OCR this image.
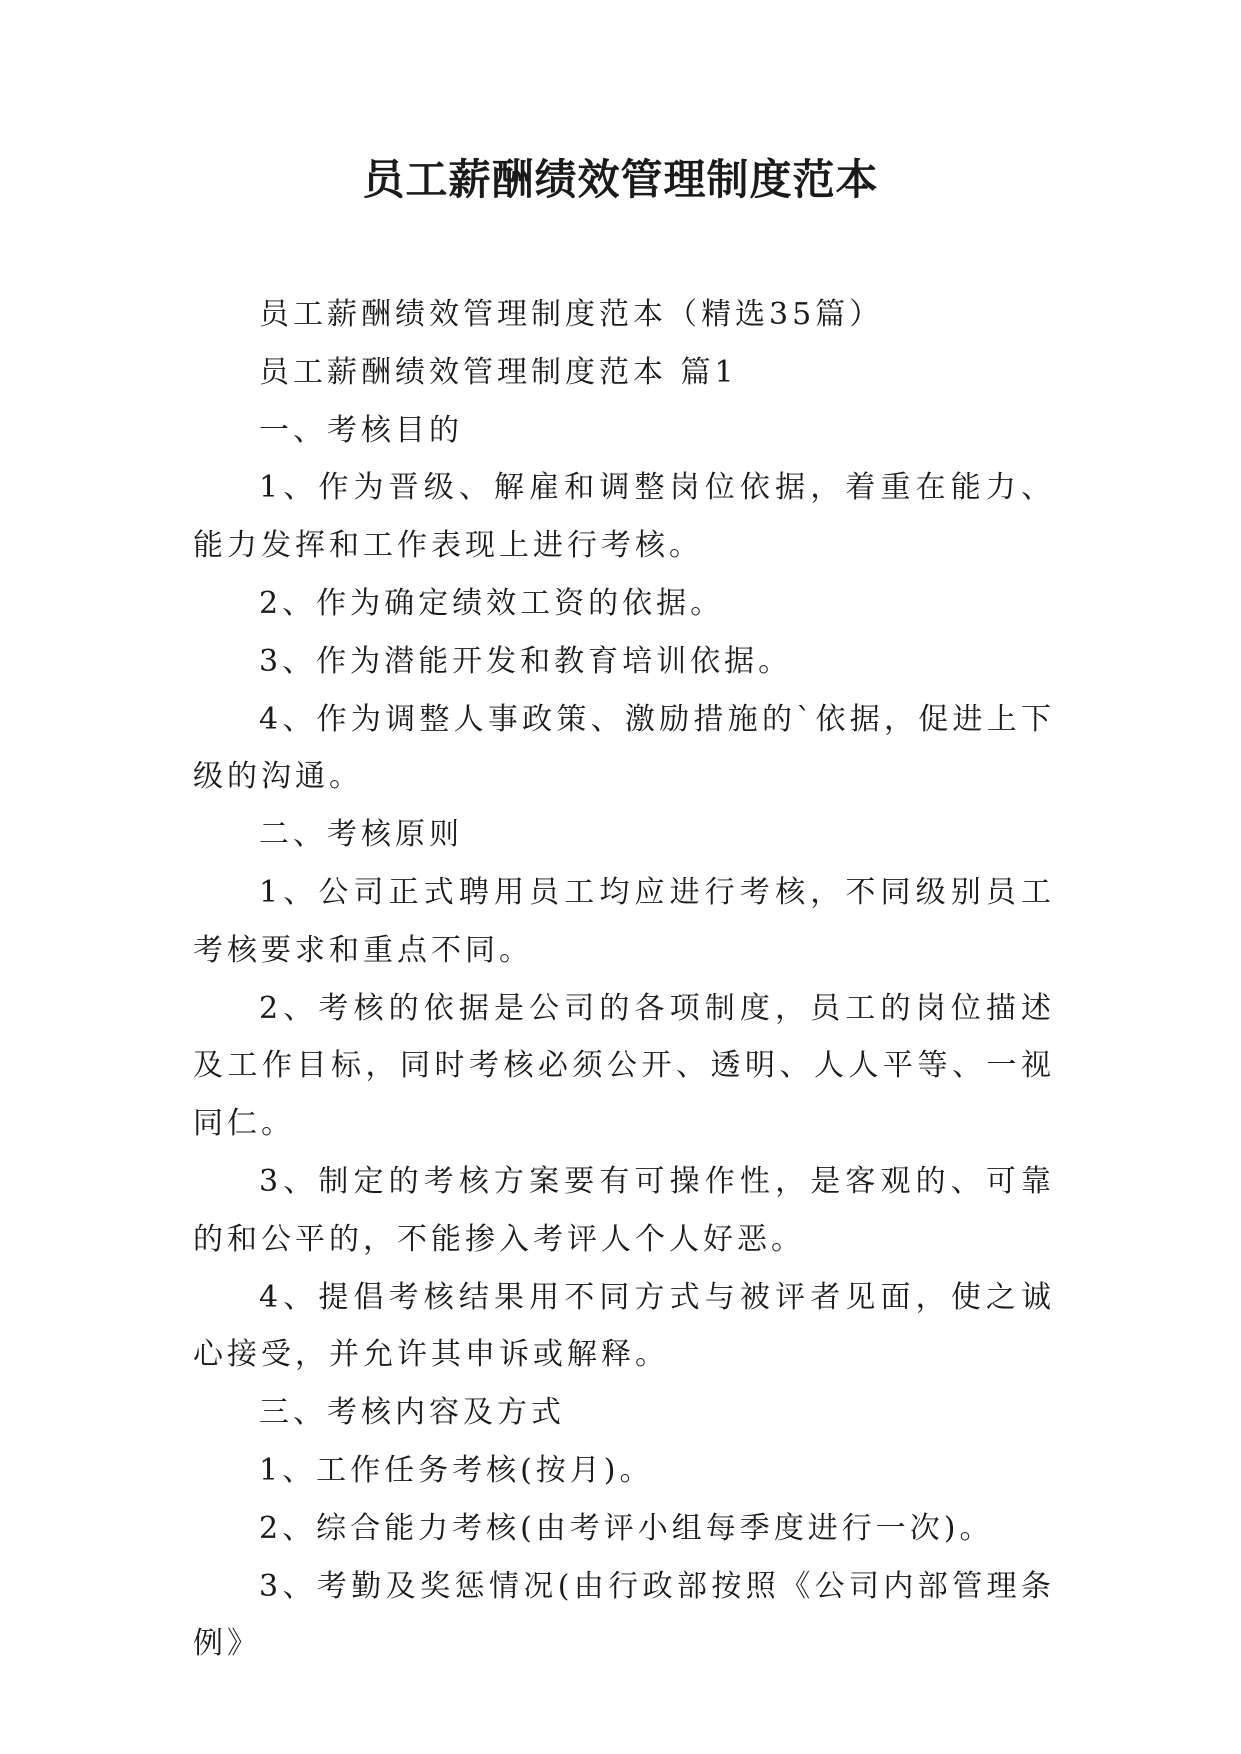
员工薪酬绩效管理制度范本

员工薪酬绩效管理制度范本（精选35篇）

员工薪酬绩效管理制度范本 篇1

一、考核目的

1、作为晋级、解雇和调整岗位依据，着重在能力、能力发挥和工作表现上进行考核。

2、作为确定绩效工资的依据。

3、作为潜能开发和教育培训依据。

4、作为调整人事政策、激励措施的`依据，促进上下级的沟通。

二、考核原则

1、公司正式聘用员工均应进行考核，不同级别员工考核要求和重点不同。

2、考核的依据是公司的各项制度，员工的岗位描述及工作目标，同时考核必须公开、透明、人人平等、一视同仁。

3、制定的考核方案要有可操作性，是客观的、可靠的和公平的，不能掺入考评人个人好恶。

4、提倡考核结果用不同方式与被评者见面，使之诚心接受，并允许其申诉或解释。

三、考核内容及方式

1、工作任务考核(按月)。

2、综合能力考核(由考评小组每季度进行一次)。

3、考勤及奖惩情况(由行政部按照《公司内部管理条例》
